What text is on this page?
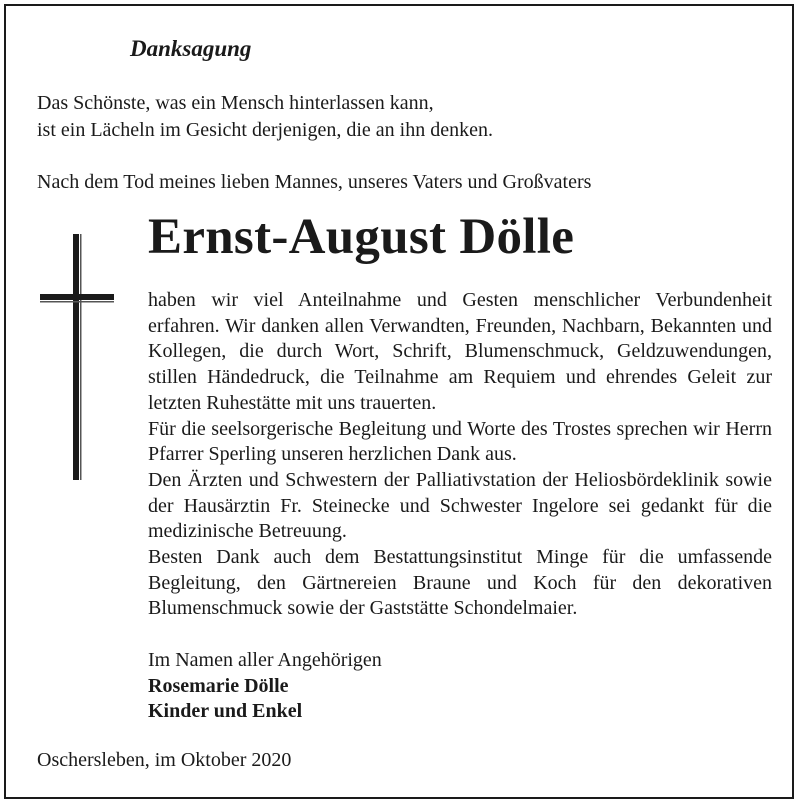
Danksagung
Das Schönste, was ein Mensch hinterlassen kann,
ist ein Lächeln im Gesicht derjenigen, die an ihn denken.
Nach dem Tod meines lieben Mannes, unseres Vaters und Großvaters
Ernst-August Dölle

haben wir viel Anteilnahme und Gesten menschlicher Verbundenheit erfahren. Wir danken allen Verwandten, Freunden, Nachbarn, Bekannten und Kollegen, die durch Wort, Schrift, Blumenschmuck, Geldzuwendungen, stillen Händedruck, die Teilnahme am Requiem und ehrendes Geleit zur letzten Ruhestätte mit uns trauerten.

Für die seelsorgerische Begleitung und Worte des Trostes sprechen wir Herrn Pfarrer Sperling unseren herzlichen Dank aus.

Den Ärzten und Schwestern der Palliativstation der Heliosbördeklinik sowie der Hausärztin Fr. Steinecke und Schwester Ingelore sei gedankt für die medizinische Betreuung.

Besten Dank auch dem Bestattungsinstitut Minge für die umfassende Begleitung, den Gärtnereien Braune und Koch für den dekorativen Blumenschmuck sowie der Gaststätte Schondelmaier.

Im Namen aller Angehörigen
Rosemarie Dölle
Kinder und Enkel
Oschersleben, im Oktober 2020
